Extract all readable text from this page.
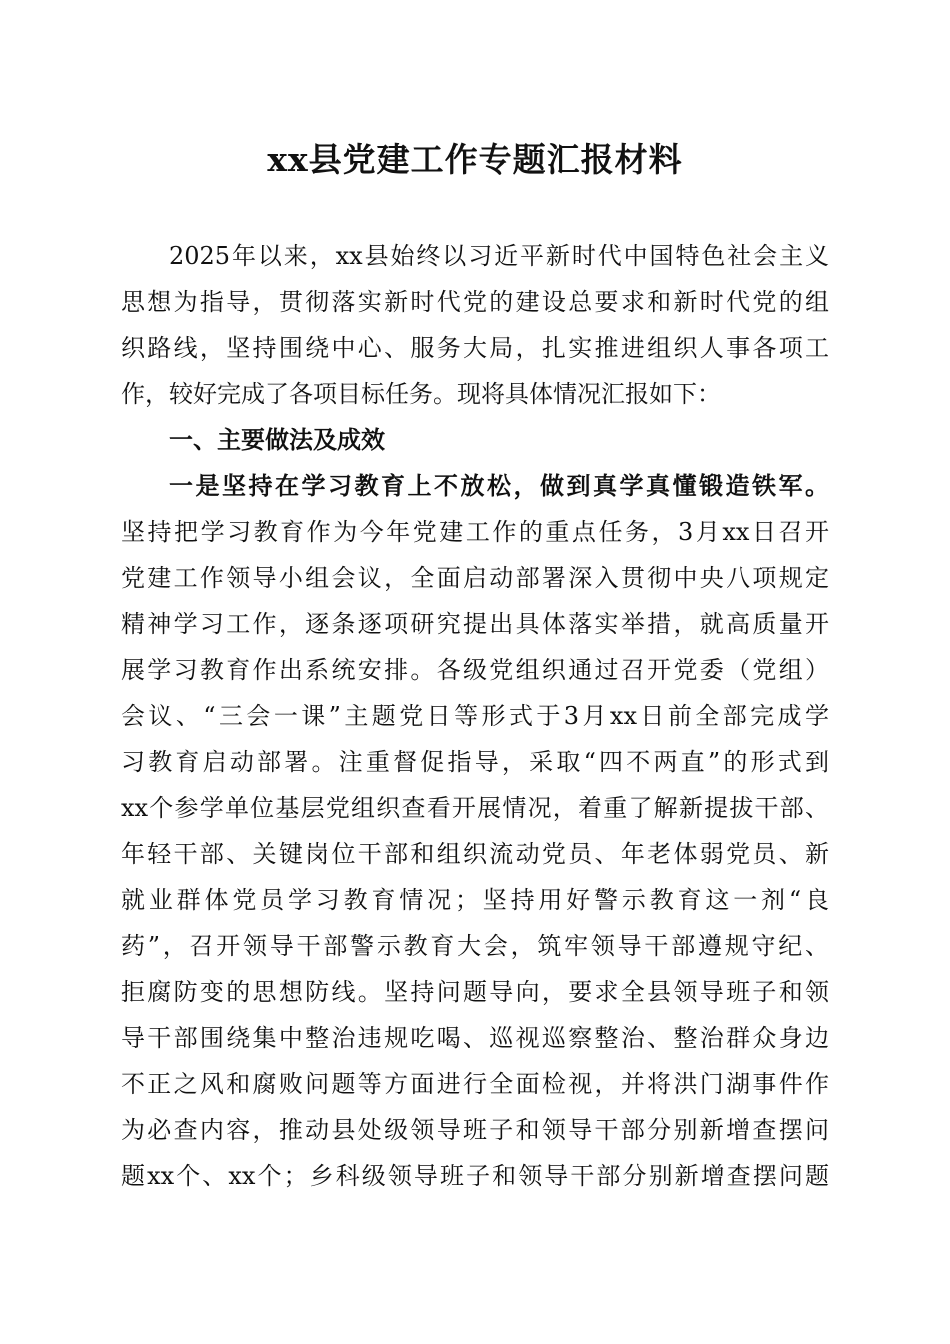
xx县党建工作专题汇报材料
2025年以来，xx县始终以习近平新时代中国特色社会主义
思想为指导，贯彻落实新时代党的建设总要求和新时代党的组
织路线，坚持围绕中心、服务大局，扎实推进组织人事各项工
作，较好完成了各项目标任务。现将具体情况汇报如下：
一、主要做法及成效
一是坚持在学习教育上不放松，做到真学真懂锻造铁军。
坚持把学习教育作为今年党建工作的重点任务，3月xx日召开
党建工作领导小组会议，全面启动部署深入贯彻中央八项规定
精神学习工作，逐条逐项研究提出具体落实举措，就高质量开
展学习教育作出系统安排。各级党组织通过召开党委（党组）
会议、“三会一课”主题党日等形式于3月xx日前全部完成学
习教育启动部署。注重督促指导，采取“四不两直”的形式到
xx个参学单位基层党组织查看开展情况，着重了解新提拔干部、
年轻干部、关键岗位干部和组织流动党员、年老体弱党员、新
就业群体党员学习教育情况；坚持用好警示教育这一剂“良
药”，召开领导干部警示教育大会，筑牢领导干部遵规守纪、
拒腐防变的思想防线。坚持问题导向，要求全县领导班子和领
导干部围绕集中整治违规吃喝、巡视巡察整治、整治群众身边
不正之风和腐败问题等方面进行全面检视，并将洪门湖事件作
为必查内容，推动县处级领导班子和领导干部分别新增查摆问
题xx个、xx个；乡科级领导班子和领导干部分别新增查摆问题
